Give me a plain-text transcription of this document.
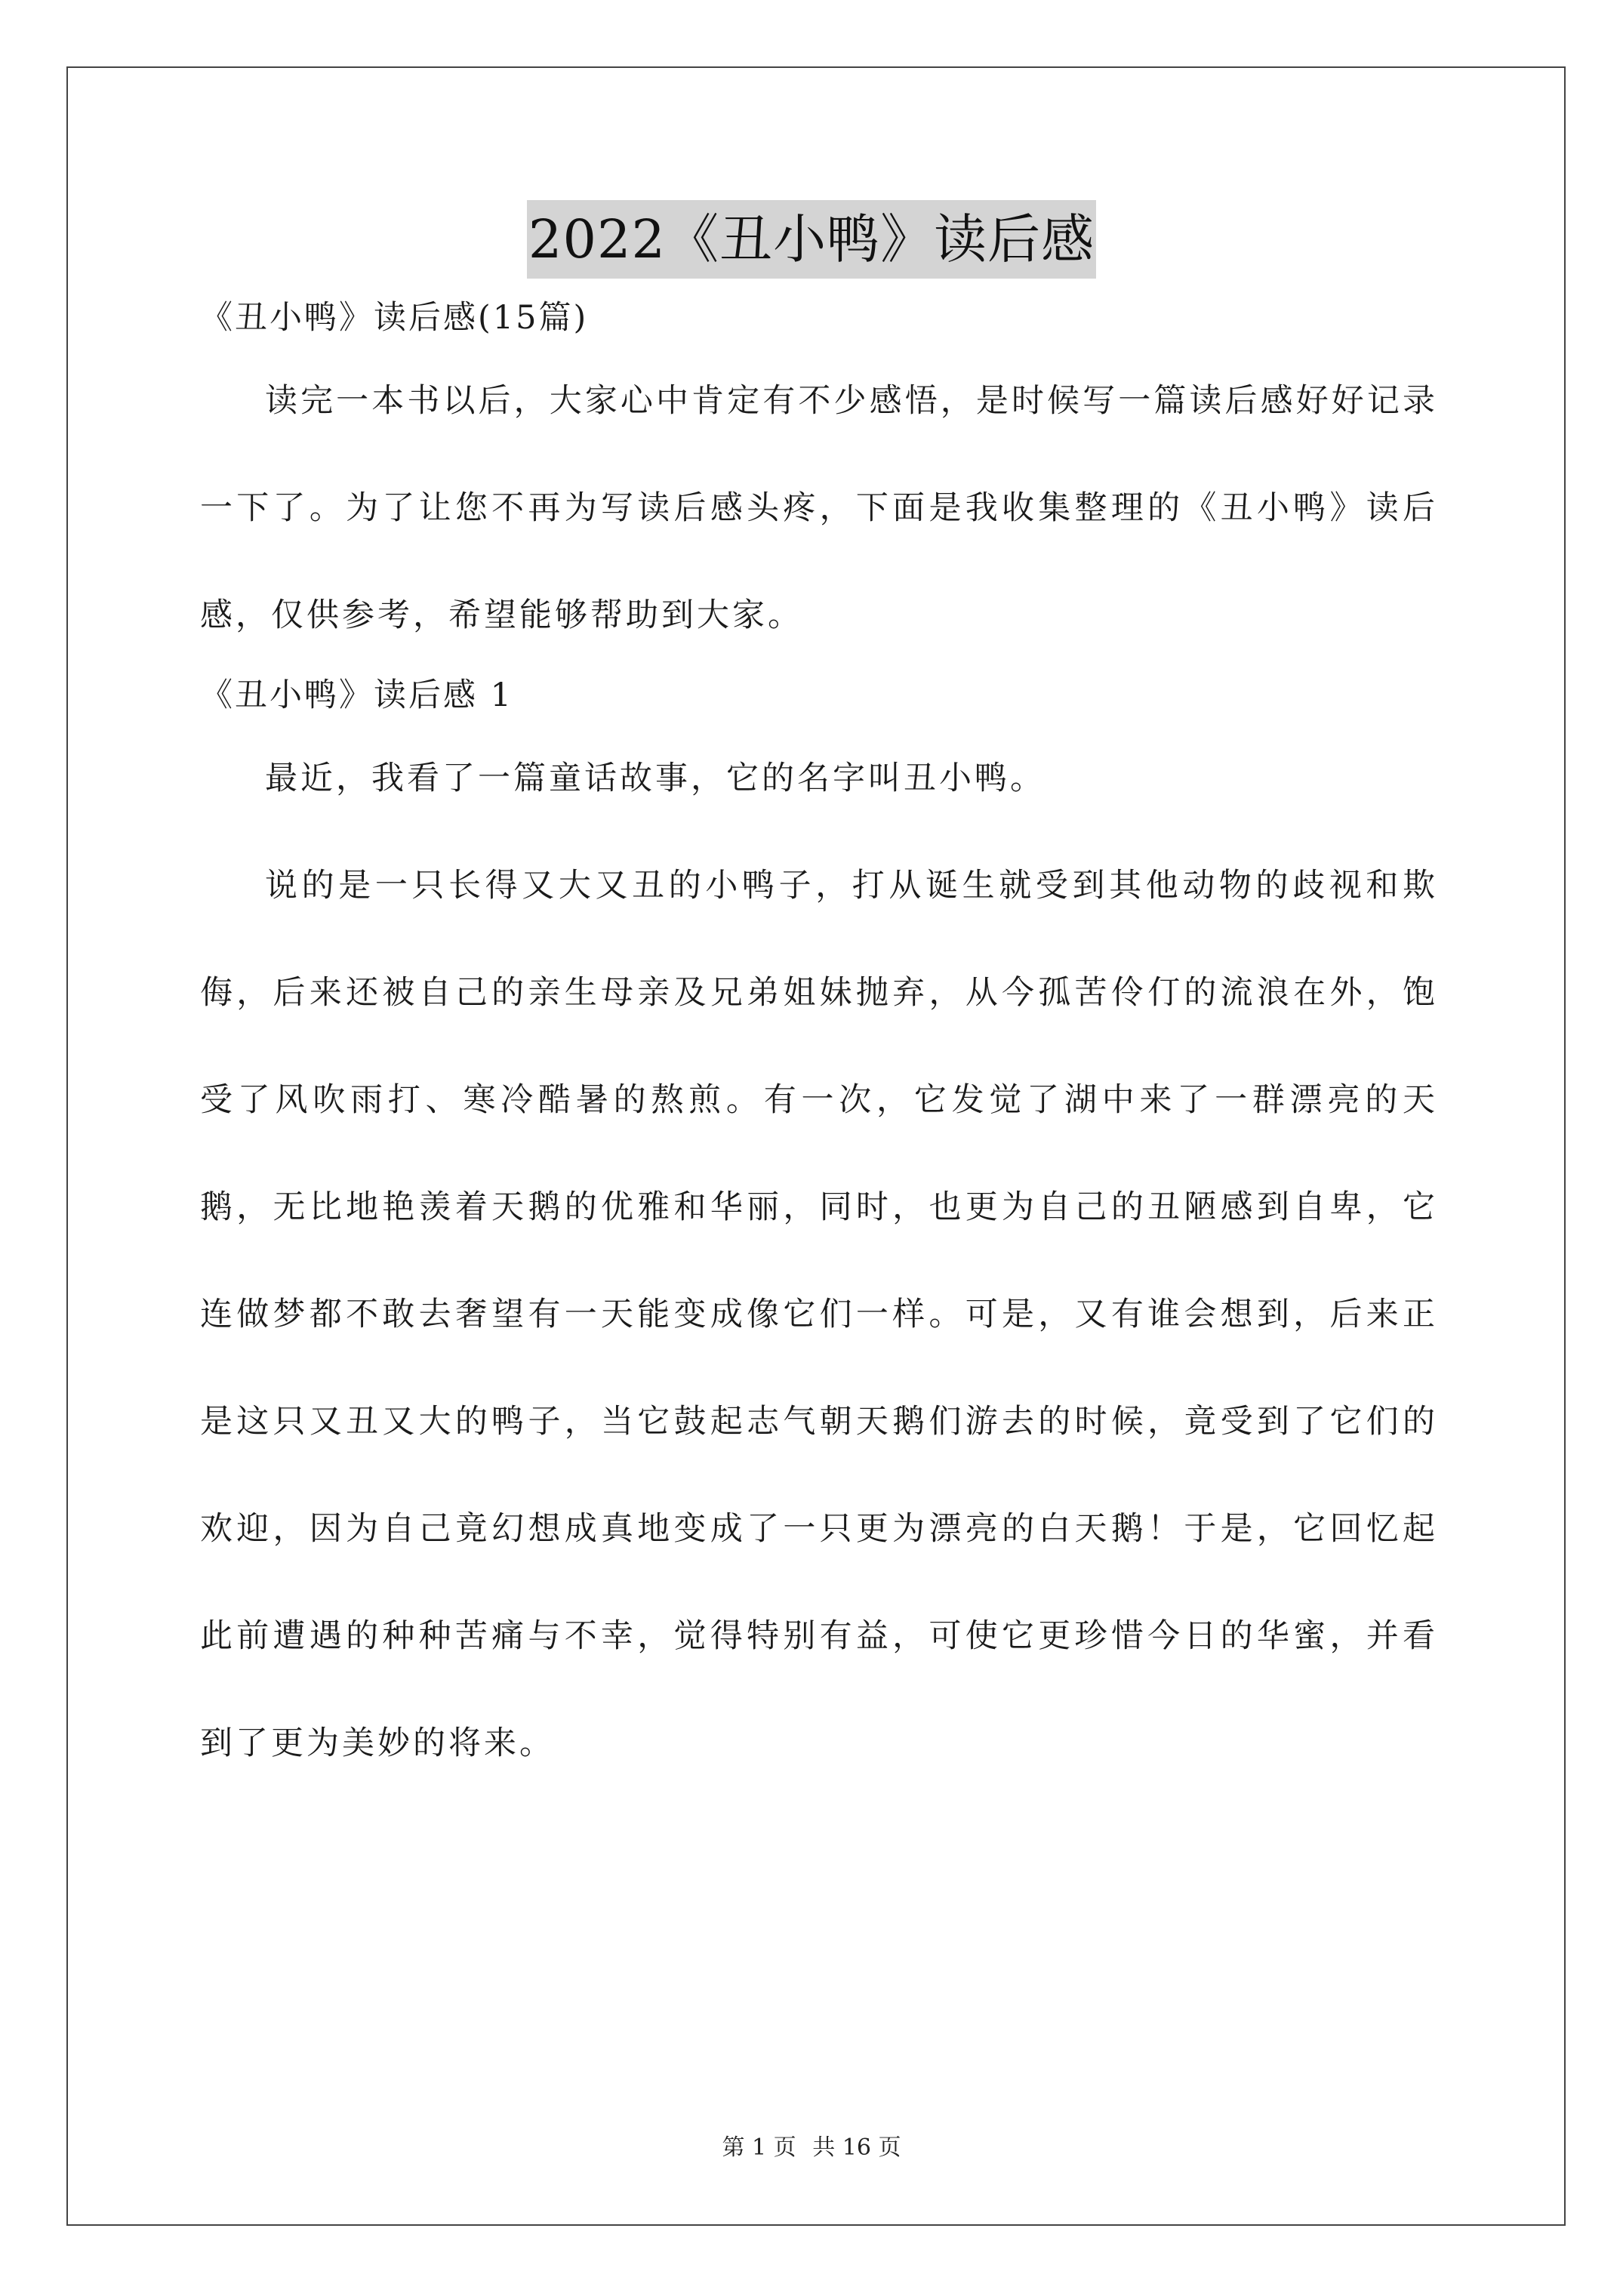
2022《丑小鸭》读后感

《丑小鸭》读后感(15篇)

读完一本书以后，大家心中肯定有不少感悟，是时候写一篇读后感好好记录一下了。为了让您不再为写读后感头疼，下面是我收集整理的《丑小鸭》读后感，仅供参考，希望能够帮助到大家。

《丑小鸭》读后感 1

最近，我看了一篇童话故事，它的名字叫丑小鸭。

说的是一只长得又大又丑的小鸭子，打从诞生就受到其他动物的歧视和欺侮，后来还被自己的亲生母亲及兄弟姐妹抛弃，从今孤苦伶仃的流浪在外，饱受了风吹雨打、寒冷酷暑的熬煎。有一次，它发觉了湖中来了一群漂亮的天鹅，无比地艳羡着天鹅的优雅和华丽，同时，也更为自己的丑陋感到自卑，它连做梦都不敢去奢望有一天能变成像它们一样。可是，又有谁会想到，后来正是这只又丑又大的鸭子，当它鼓起志气朝天鹅们游去的时候，竟受到了它们的欢迎，因为自己竟幻想成真地变成了一只更为漂亮的白天鹅！于是，它回忆起此前遭遇的种种苦痛与不幸，觉得特别有益，可使它更珍惜今日的华蜜，并看到了更为美妙的将来。

第 1 页 共 16 页
